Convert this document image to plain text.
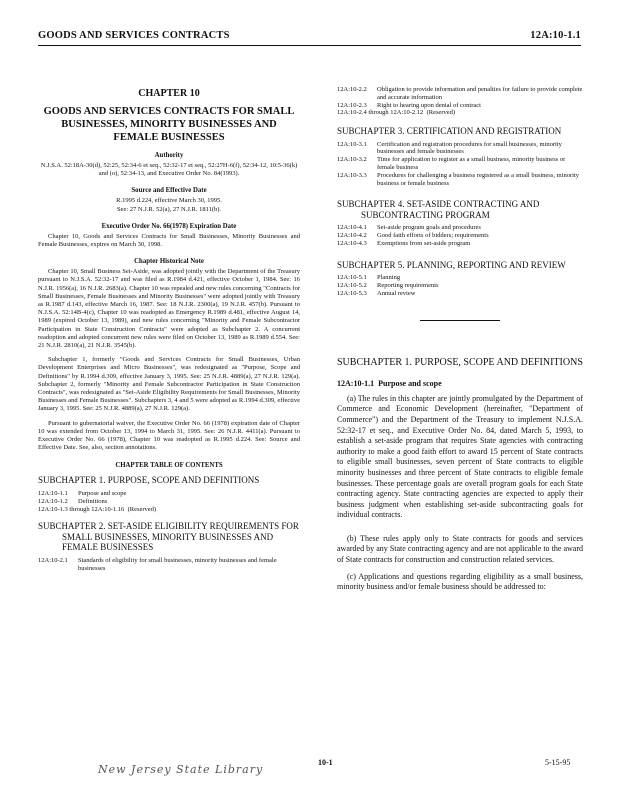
GOODS AND SERVICES CONTRACTS	12A:10-1.1
CHAPTER 10
GOODS AND SERVICES CONTRACTS FOR SMALL BUSINESSES, MINORITY BUSINESSES AND FEMALE BUSINESSES
Authority

N.J.S.A. 52:18A-30(d), 52:25, 52:34-6 et seq., 52:32-17 et seq., 52:27H-6(f), 52:34-12, 10:5-36(k) and (o), 52:34-13, and Executive Order No. 84(1993).

Source and Effective Date

R.1995 d.224, effective March 30, 1995.
See: 27 N.J.R. 52(a), 27 N.J.R. 1811(b).

Executive Order No. 66(1978) Expiration Date

Chapter 10, Goods and Services Contracts for Small Businesses, Minority Businesses and Female Businesses, expires on March 30, 1998.

Chapter Historical Note

Chapter 10, Small Business Set-Aside, was adopted jointly with the Department of the Treasury pursuant to N.J.S.A. 52:32-17 and was filed as R.1984 d.421, effective October 1, 1984. See: 16 N.J.R. 1956(a), 16 N.J.R. 2683(a). Chapter 10 was repealed and new rules concerning "Contracts for Small Businesses, Female Businesses and Minority Businesses" were adopted jointly with Treasury as R.1987 d.143, effective March 16, 1987. See: 18 N.J.R. 2300(a), 19 N.J.R. 457(b). Pursuant to N.J.S.A. 52:14B-4(c), Chapter 10 was readopted as Emergency R.1989 d.481, effective August 14, 1989 (expired October 13, 1989), and new rules concerning "Minority and Female Subcontractor Participation in State Construction Contracts" were adopted as Subchapter 2. A concurrent readoption and adopted concurrent new rules were filed on October 13, 1989 as R.1989 d.554. See: 21 N.J.R. 2810(a), 21 N.J.R. 3545(b).

Subchapter 1, formerly "Goods and Services Contracts for Small Businesses, Urban Development Enterprises and Micro Businesses", was redesignated as "Purpose, Scope and Definitions" by R.1994 d.309, effective January 3, 1995. See: 25 N.J.R. 4889(a), 27 N.J.R. 129(a). Subchapter 2, formerly "Minority and Female Subcontractor Participation in State Construction Contracts", was redesignated as "Set-Aside Eligibility Requirements for Small Businesses, Minority Businesses and Female Businesses". Subchapters 3, 4 and 5 were adopted as R.1994 d.309, effective January 3, 1995. See: 25 N.J.R. 4889(a), 27 N.J.R. 129(a).

Pursuant to gubernatorial waiver, the Executive Order No. 66 (1978) expiration date of Chapter 10 was extended from October 13, 1994 to March 31, 1995. See: 26 N.J.R. 4411(a). Pursuant to Executive Order No. 66 (1978), Chapter 10 was readopted as R.1995 d.224. See: Source and Effective Date. See, also, section annotations.

CHAPTER TABLE OF CONTENTS
SUBCHAPTER 1. PURPOSE, SCOPE AND DEFINITIONS
12A:10-1.1	Purpose and scope
12A:10-1.2	Definitions
12A:10-1.3 through 12A:10-1.16
(Reserved)
SUBCHAPTER 2. SET-ASIDE ELIGIBILITY REQUIREMENTS FOR SMALL BUSINESSES, MINORITY BUSINESSES AND FEMALE BUSINESSES
12A:10-2.1	Standards of eligibility for small businesses, minority businesses and female businesses
12A:10-2.2	Obligation to provide information and penalties for failure to provide complete and accurate information
12A:10-2.3	Right to hearing upon denial of contract
12A:10-2.4 through 12A:10-2.12
(Reserved)
SUBCHAPTER 3. CERTIFICATION AND REGISTRATION
12A:10-3.1	Certification and registration procedures for small businesses, minority businesses and female businesses
12A:10-3.2	Time for application to register as a small business, minority business or female business
12A:10-3.3	Procedures for challenging a business registered as a small business, minority business or female business
SUBCHAPTER 4. SET-ASIDE CONTRACTING AND SUBCONTRACTING PROGRAM
12A:10-4.1	Set-aside program goals and procedures
12A:10-4.2	Good faith efforts of bidders; requirements
12A:10-4.3	Exemptions from set-aside program
SUBCHAPTER 5. PLANNING, REPORTING AND REVIEW
12A:10-5.1	Planning
12A:10-5.2	Reporting requirements
12A:10-5.3	Annual review
SUBCHAPTER 1. PURPOSE, SCOPE AND DEFINITIONS
12A:10-1.1 Purpose and scope

(a) The rules in this chapter are jointly promulgated by the Department of Commerce and Economic Development (hereinafter, "Department of Commerce") and the Department of the Treasury to implement N.J.S.A. 52:32-17 et seq., and Executive Order No. 84, dated March 5, 1993, to establish a set-aside program that requires State agencies with contracting authority to make a good faith effort to award 15 percent of State contracts to eligible small businesses, seven percent of State contracts to eligible minority businesses and three percent of State contracts to eligible female businesses. These percentage goals are overall program goals for each State contracting agency. State contracting agencies are expected to apply their business judgment when establishing set-aside subcontracting goals for individual contracts.

(b) These rules apply only to State contracts for goods and services awarded by any State contracting agency and are not applicable to the award of State contracts for construction and construction related services.

(c) Applications and questions regarding eligibility as a small business, minority business and/or female business should be addressed to:

10-1	5-15-95
New Jersey State Library
